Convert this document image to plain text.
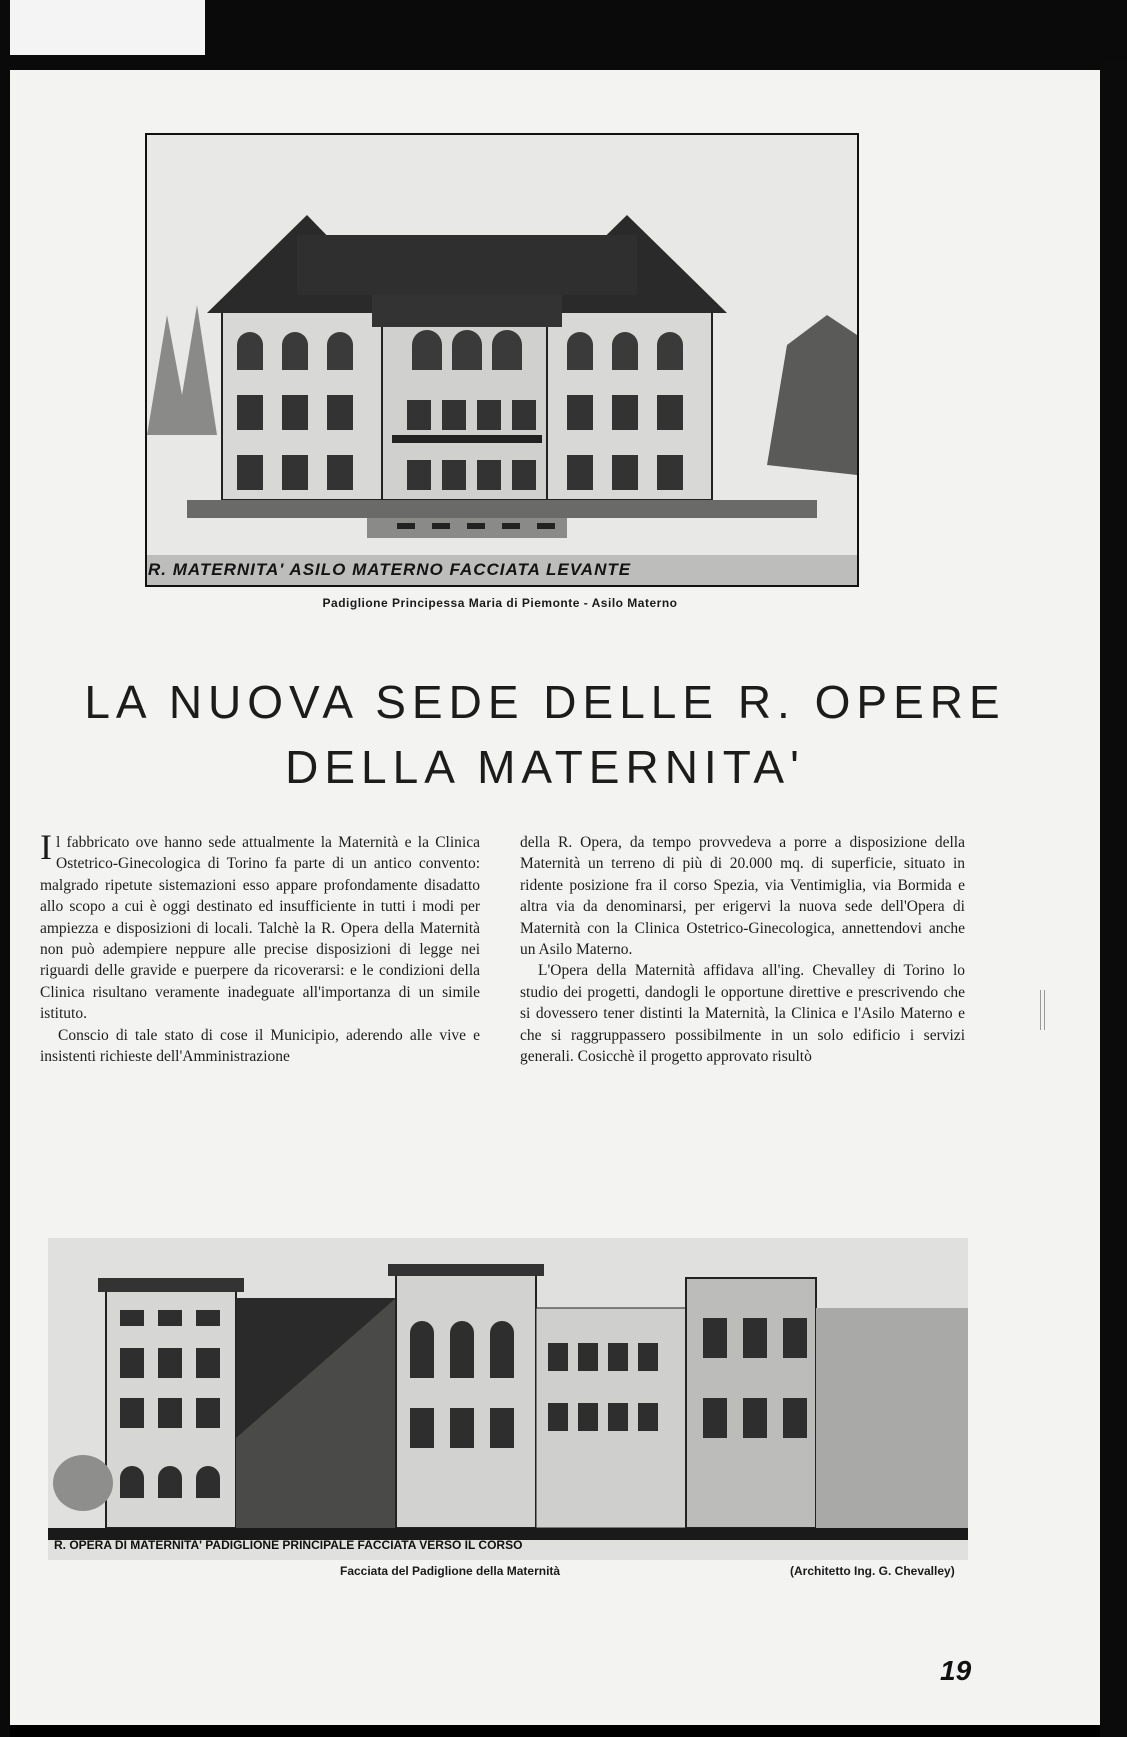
R. MATERNITA' ASILO MATERNO FACCIATA LEVANTE
Padiglione Principessa Maria di Piemonte - Asilo Materno
LA NUOVA SEDE DELLE R. OPERE
DELLA MATERNITA'

Il fabbricato ove hanno sede attualmente la Maternità e la Clinica Ostetrico-Ginecologica di Torino fa parte di un antico convento: malgrado ripetute sistemazioni esso appare profondamente disadatto allo scopo a cui è oggi destinato ed insufficiente in tutti i modi per ampiezza e disposizioni di locali. Talchè la R. Opera della Maternità non può adempiere neppure alle precise disposizioni di legge nei riguardi delle gravide e puerpere da ricoverarsi: e le condizioni della Clinica risultano veramente inadeguate all'importanza di un simile istituto.

Conscio di tale stato di cose il Municipio, aderendo alle vive e insistenti richieste dell'Amministrazione

della R. Opera, da tempo provvedeva a porre a disposizione della Maternità un terreno di più di 20.000 mq. di superficie, situato in ridente posizione fra il corso Spezia, via Ventimiglia, via Bormida e altra via da denominarsi, per erigervi la nuova sede dell'Opera di Maternità con la Clinica Ostetrico-Ginecologica, annettendovi anche un Asilo Materno.

L'Opera della Maternità affidava all'ing. Chevalley di Torino lo studio dei progetti, dandogli le opportune direttive e prescrivendo che si dovessero tener distinti la Maternità, la Clinica e l'Asilo Materno e che si raggruppassero possibilmente in un solo edificio i servizi generali. Cosicchè il progetto approvato risultò

R. OPERA DI MATERNITA' PADIGLIONE PRINCIPALE FACCIATA VERSO IL CORSO
Facciata del Padiglione della Maternità	(Architetto Ing. G. Chevalley)
19
